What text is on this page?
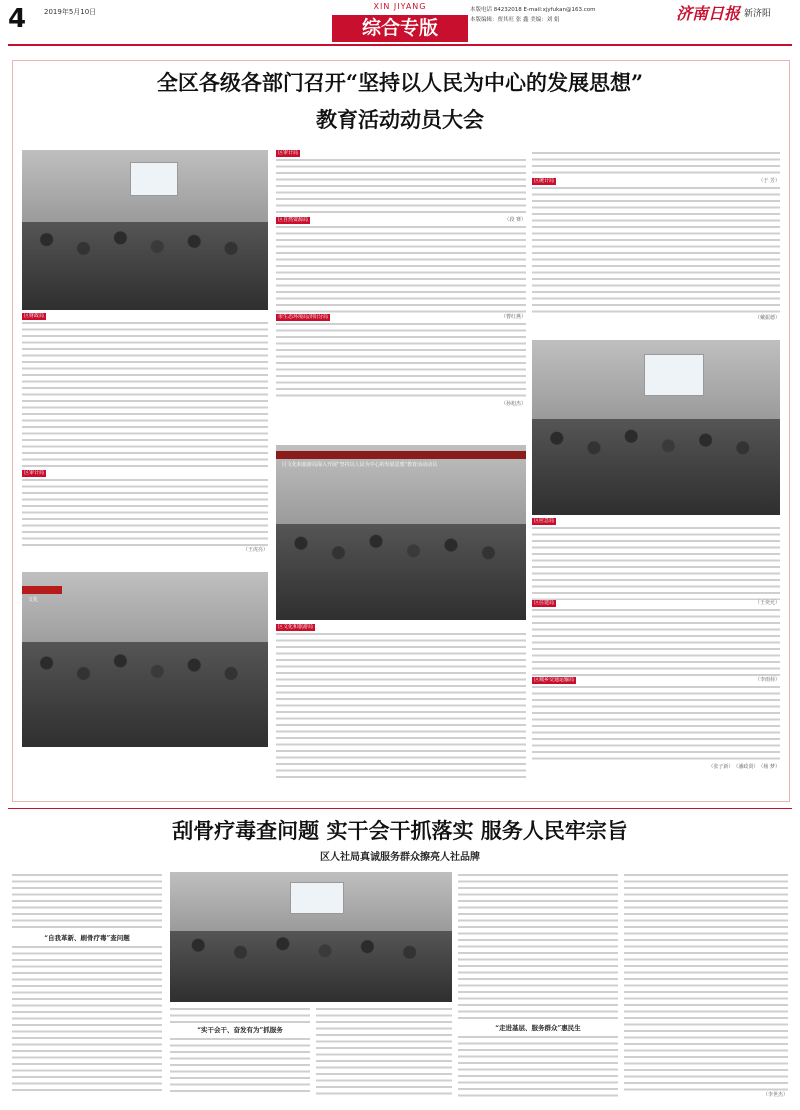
4	2019年5月10日
XIN JIYANG
综合专版
本版电话 84232018 E-mail:xjyfukan@163.com
本版编辑：贾其旺 张 鑫 美编：刘 娟	济南日报 新济阳
全区各级各部门召开“坚持以人民为中心的发展思想”
教育活动动员大会
区文化和旅游局深入开展“坚持以人民为中心的发展思想”教育活动动员
文化
区财政局
区审计局
（王虎亮）
区审计局
（段 赛）
区自然资源局
（曹红燕）
市生态环境局济阳分局
（孙旭杰）
区文化和旅游局
（于 芳）
区统计局
（戴振德）
区应急局
（王奕允）
区住建局
（李雨荷）
区城乡交通运输局
（杨 梦）
（潘政贤）
（张子新）
刮骨疗毒查问题 实干会干抓落实 服务人民牢宗旨
区人社局真诚服务群众擦亮人社品牌
“自我革新、刷骨疗毒”查问题
“实干会干、奋发有为”抓服务	“走进基层、服务群众”惠民生
（李世杰）
